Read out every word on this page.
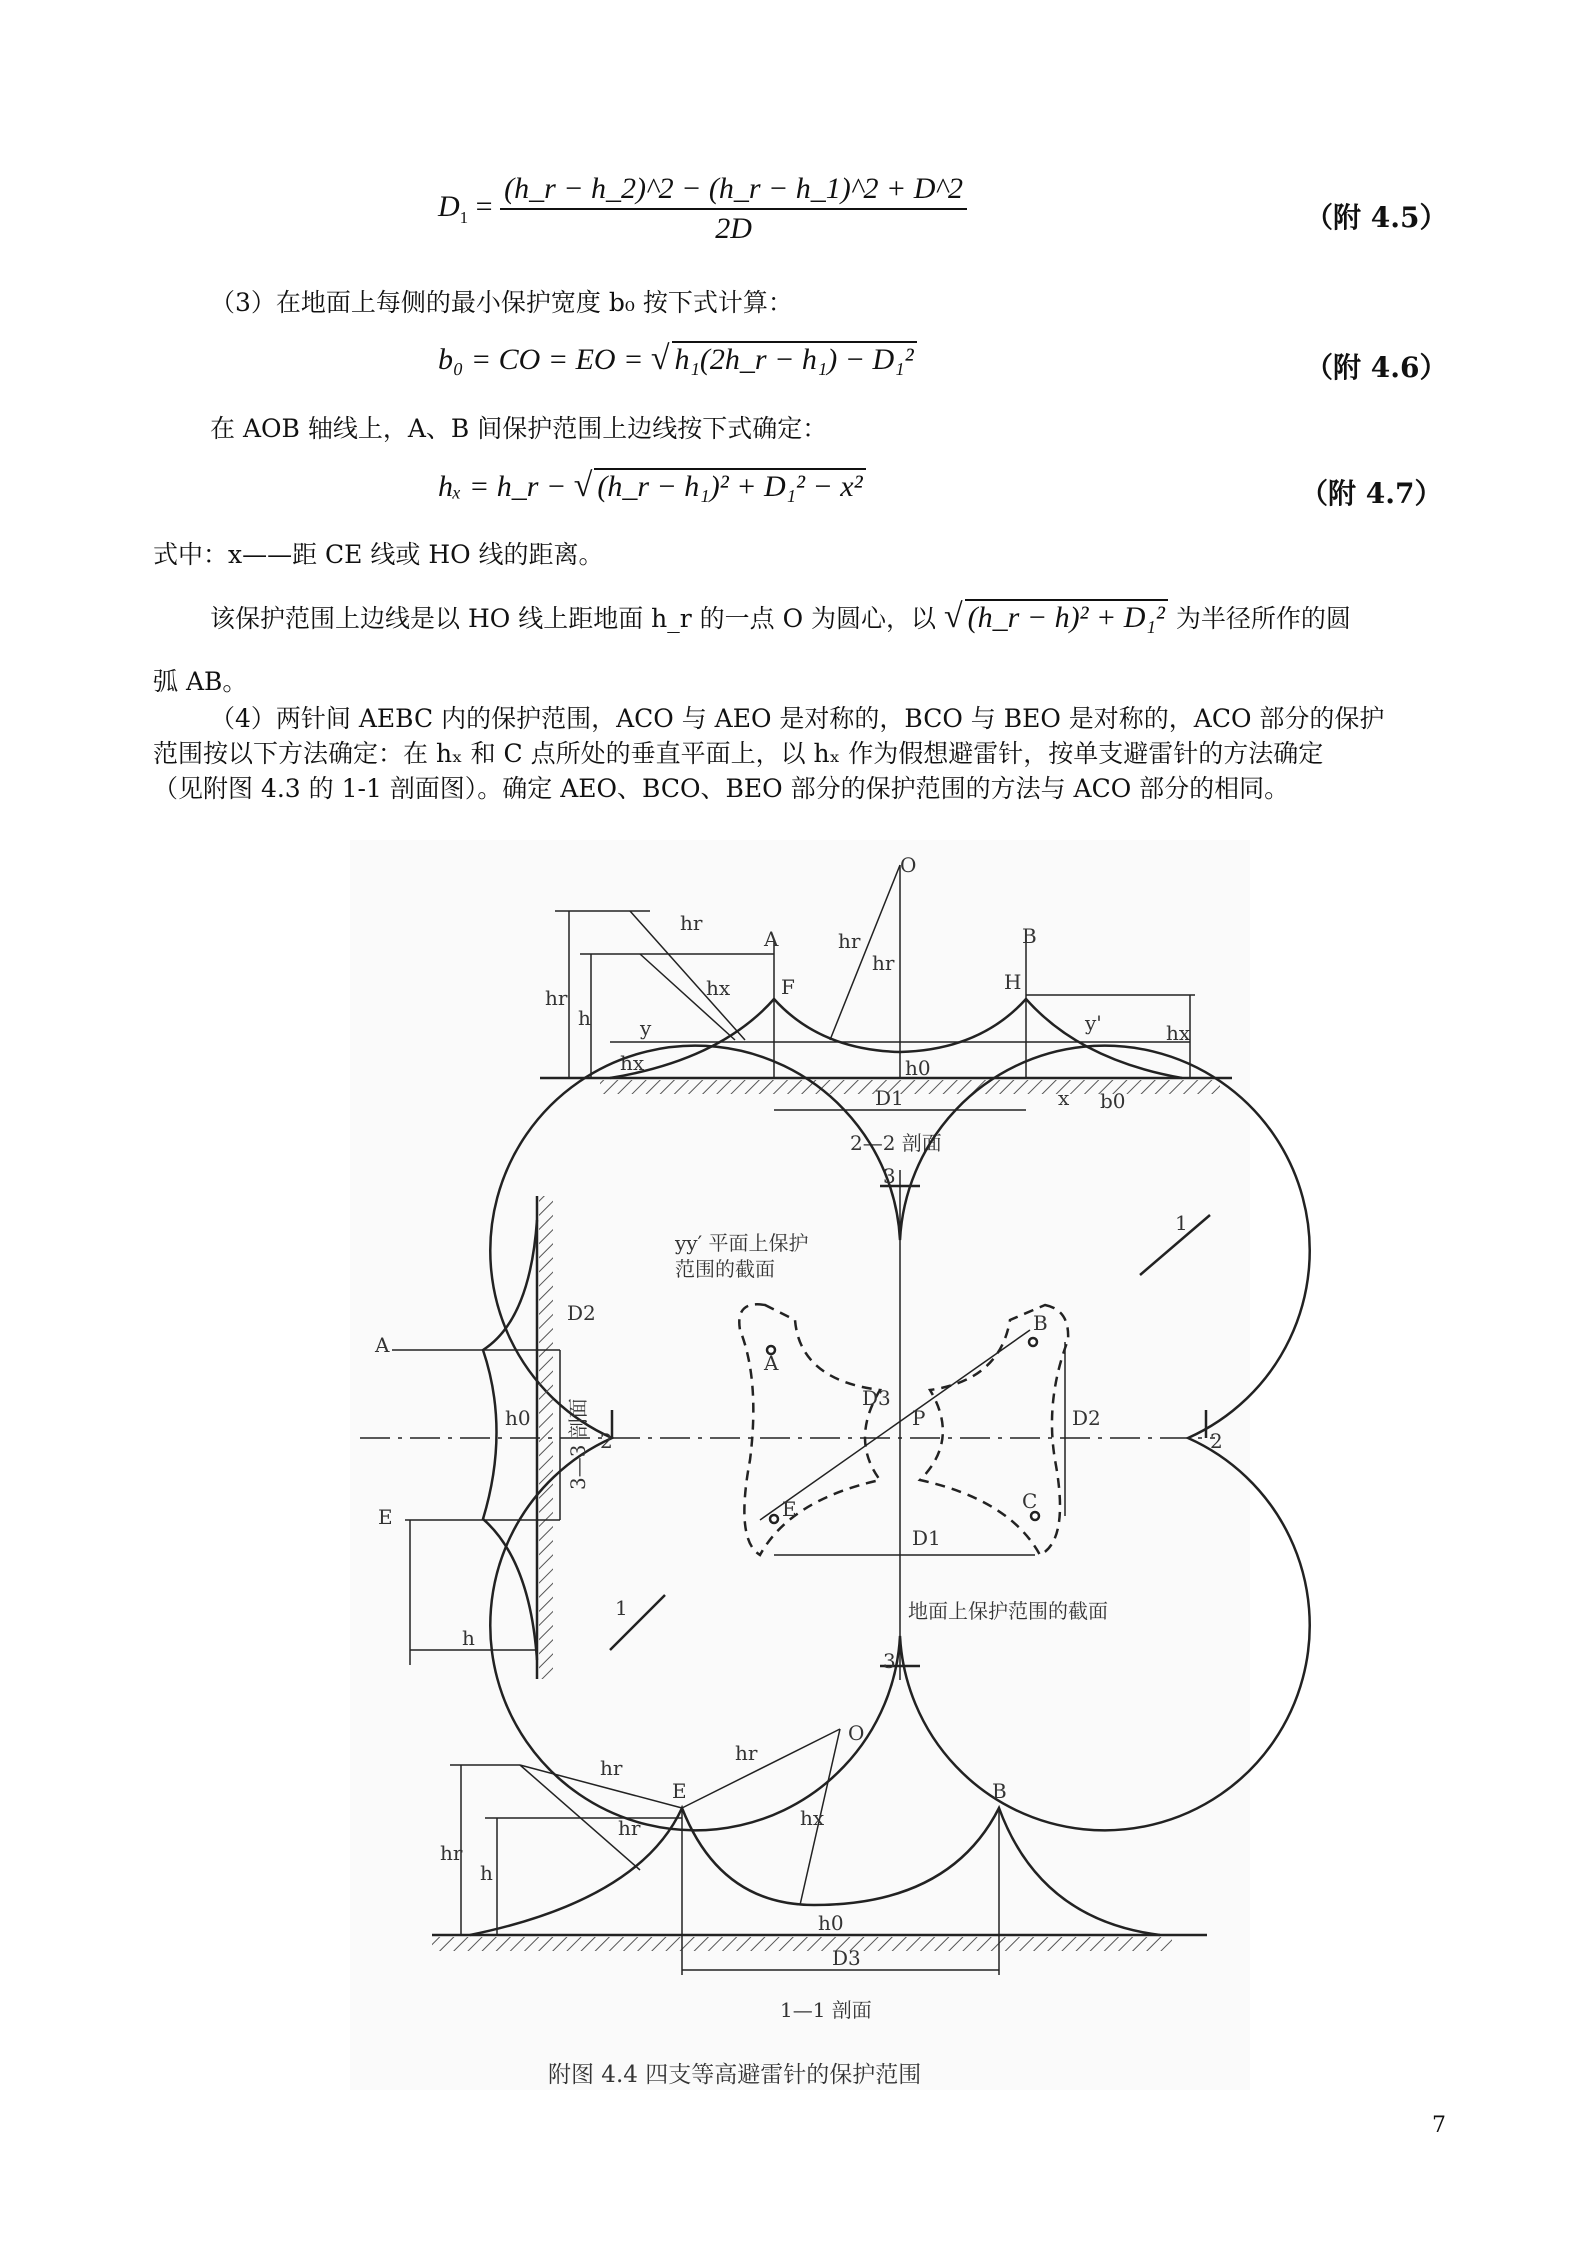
$D_1 = \frac{(h\_r - h\_2)\^{}2 - (h\_r - h\_1)\^{}2 + D\^{}2}{2D}$	（附 4.5）
（3）在地面上每侧的最小保护宽度 b₀ 按下式计算：
b₀ = CO = EO = √ h₁(2h_r − h₁) − D₁²	（附 4.6）
在 AOB 轴线上，A、B 间保护范围上边线按下式确定：
hₓ = h_r − √ (h_r − h₁)² + D₁² − x²	（附 4.7）
式中：x——距 CE 线或 HO 线的距离。
该保护范围上边线是以 HO 线上距地面 h_r 的一点 O 为圆心，以 √ (h_r − h)² + D₁² 为半径所作的圆
弧 AB。
（4）两针间 AEBC 内的保护范围，ACO 与 AEO 是对称的，BCO 与 BEO 是对称的，ACO 部分的保护
范围按以下方法确定：在 hₓ 和 C 点所处的垂直平面上，以 hₓ 作为假想避雷针，按单支避雷针的方法确定
（见附图 4.3 的 1-1 剖面图）。确定 AEO、BCO、BEO 部分的保护范围的方法与 ACO 部分的相同。
A	B
O
F	H
hr
h
hr
hx
hr
hr
y	y'
hx
hx
h0
D1	x b0
2—2 剖面
yy′ 平面上保护
范围的截面
地面上保护范围的截面
A
B
C
E
P
D3
D2
D1
3
3
2	2
1
1
A
E
h0
D2
h
3—3 剖面
E	B
O
hr
hr
hr
hx
hr
h
h0
D3
1—1 剖面
附图 4.4 四支等高避雷针的保护范围
7
